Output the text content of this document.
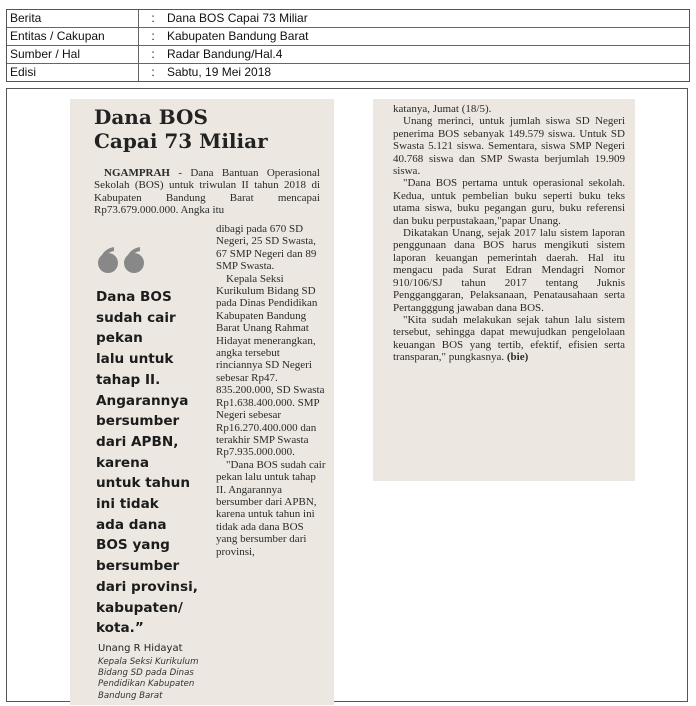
Berita	:	Dana BOS Capai 73 Miliar
Entitas / Cakupan	:	Kabupaten Bandung Barat
Sumber / Hal	:	Radar Bandung/Hal.4
Edisi	:	Sabtu, 19 Mei 2018
Dana BOS
Capai 73 Miliar
NGAMPRAH - Dana Bantuan Operasional Sekolah (BOS) untuk triwulan II tahun 2018 di Kabupaten Bandung Barat mencapai Rp73.679.000.000. Angka itu
Dana BOS
sudah cair
pekan
lalu untuk
tahap II.
Angarannya
bersumber
dari APBN,
karena
untuk tahun
ini tidak
ada dana
BOS yang
bersumber
dari provinsi,
kabupaten/
kota.”
Unang R Hidayat
Kepala Seksi Kurikulum Bidang SD pada Dinas Pendidikan Kabupaten Bandung Barat

dibagi pada 670 SD Negeri, 25 SD Swasta, 67 SMP Negeri dan 89 SMP Swasta.

Kepala Seksi Kurikulum Bidang SD pada Dinas Pendidikan Kabupaten Bandung Barat Unang Rahmat Hidayat menerangkan, angka tersebut rinciannya SD Negeri sebesar Rp47. 835.200.000, SD Swasta Rp1.638.400.000. SMP Negeri sebesar Rp16.270.400.000 dan terakhir SMP Swasta Rp7.935.000.000.

"Dana BOS sudah cair pekan lalu untuk tahap II. Angarannya bersumber dari APBN, karena untuk tahun ini tidak ada dana BOS yang bersumber dari provinsi,

katanya, Jumat (18/5).

Unang merinci, untuk jumlah siswa SD Negeri penerima BOS sebanyak 149.579 siswa. Untuk SD Swasta 5.121 siswa. Sementara, siswa SMP Negeri 40.768 siswa dan SMP Swasta berjumlah 19.909 siswa.

"Dana BOS pertama untuk operasional sekolah. Kedua, untuk pembelian buku seperti buku teks utama siswa, buku pegangan guru, buku referensi dan buku perpustakaan,"papar Unang.

Dikatakan Unang, sejak 2017 lalu sistem laporan penggunaan dana BOS harus mengikuti sistem laporan keuangan pemerintah daerah. Hal itu mengacu pada Surat Edran Mendagri Nomor 910/106/SJ tahun 2017 tentang Juknis Pengganggaran, Pelaksanaan, Penatausahaan serta Pertangggung jawaban dana BOS.

"Kita sudah melakukan sejak tahun lalu sistem tersebut, sehingga dapat mewujudkan pengelolaan keuangan BOS yang tertib, efektif, efisien serta transparan," pungkasnya. (bie)
